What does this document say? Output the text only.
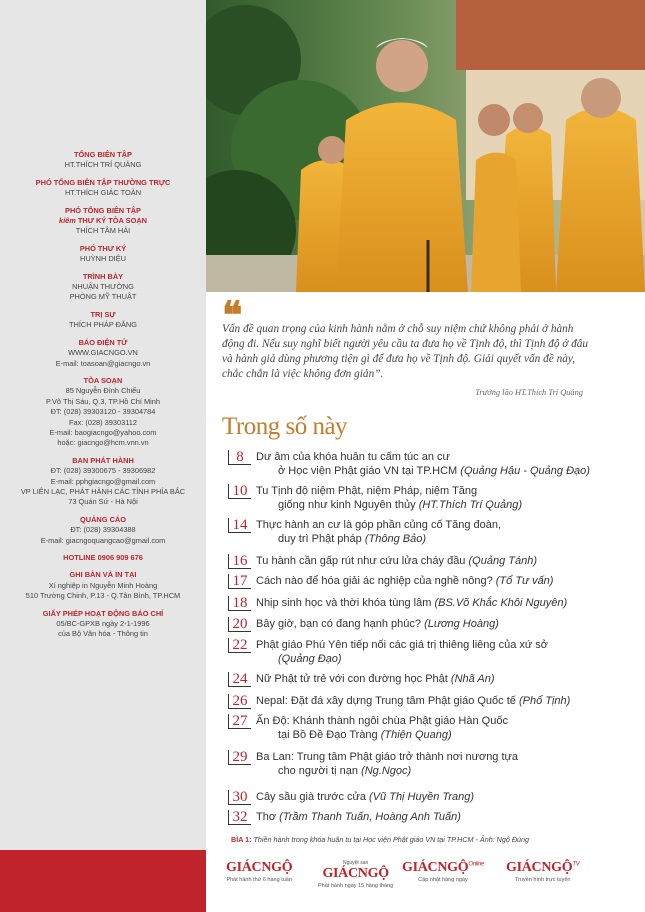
TỔNG BIÊN TẬP
HT.THÍCH TRÍ QUẢNG
PHÓ TỔNG BIÊN TẬP THƯỜNG TRỰC
HT.THÍCH GIÁC TOÀN
PHÓ TỔNG BIÊN TẬP
kiêm THƯ KÝ TÒA SOẠN
THÍCH TÂM HẢI
PHÓ THƯ KÝ
HUỲNH DIỆU
TRÌNH BÀY
NHUẬN THƯỜNG
PHÒNG MỸ THUẬT
TRỊ SỰ
THÍCH PHÁP ĐĂNG
BÁO ĐIỆN TỬ
WWW.GIACNGO.VN
E-mail: toasoan@giacngo.vn
TÒA SOẠN
85 Nguyễn Đình Chiểu
P.Võ Thị Sáu, Q.3, TP.Hồ Chí Minh
ĐT: (028) 39303120 - 39304784
Fax: (028) 39303112
E-mail: baogiacngo@yahoo.com
hoặc: giacngo@hcm.vnn.vn
BAN PHÁT HÀNH
ĐT: (028) 39300675 - 39306982
E-mail: pphgiacngo@gmail.com
VP LIÊN LẠC, PHÁT HÀNH CÁC TỈNH PHÍA BẮC
73 Quán Sứ - Hà Nội
QUẢNG CÁO
ĐT: (028) 39304388
E-mail: giacngoquangcao@gmail.com
HOTLINE 0906 909 676
GHI BẢN VÀ IN TẠI
Xí nghiệp in Nguyễn Minh Hoàng
510 Trường Chinh, P.13 - Q.Tân Bình, TP.HCM
GIẤY PHÉP HOẠT ĐỘNG BÁO CHÍ
05/BC-GPXB ngày 2-1-1996
của Bộ Văn hóa - Thông tin
❝
Vấn đề quan trọng của kinh hành nằm ở chỗ suy niệm chứ không phải ở hành động đi. Nếu suy nghĩ biết người yêu cầu ta đưa họ về Tịnh độ, thì Tịnh độ ở đâu và hành giả dùng phương tiện gì để đưa họ về Tịnh độ. Giải quyết vấn đề này, chắc chắn là việc không đơn giản”.
Trưởng lão HT.Thích Trí Quảng
Trong số này
8	Dư âm của khóa huân tu cấm túc an cư
ở Học viện Phật giáo VN tại TP.HCM (Quảng Hậu - Quảng Đạo)
10 Tu Tịnh độ niệm Phật, niệm Pháp, niệm Tăng
giống như kinh Nguyên thủy (HT.Thích Trí Quảng)
14 Thực hành an cư là góp phần củng cố Tăng đoàn,
duy trì Phật pháp (Thông Bảo)
16 Tu hành cần gấp rút như cứu lửa cháy đầu (Quảng Tánh)
17 Cách nào để hóa giải ác nghiệp của nghề nông? (Tổ Tư vấn)
18 Nhịp sinh học và thời khóa tùng lâm (BS.Võ Khắc Khôi Nguyên)
20 Bây giờ, bạn có đang hạnh phúc? (Lương Hoàng)
22 Phật giáo Phú Yên tiếp nối các giá trị thiêng liêng của xứ sở
(Quảng Đạo)
24 Nữ Phật tử trẻ với con đường học Phật (Nhã An)
26 Nepal: Đặt đá xây dựng Trung tâm Phật giáo Quốc tế (Phổ Tịnh)
27 Ấn Độ: Khánh thành ngôi chùa Phật giáo Hàn Quốc
tại Bồ Đề Đạo Tràng (Thiện Quang)
29 Ba Lan: Trung tâm Phật giáo trở thành nơi nương tựa
cho người tị nạn (Ng.Ngọc)
30 Cây sầu già trước cửa (Vũ Thị Huyền Trang)
32 Thơ (Trầm Thanh Tuấn, Hoàng Anh Tuấn)
BÌA 1: Thiền hành trong khóa huân tu tại Học viện Phật giáo VN tại TP.HCM - Ảnh: Ngộ Đúng
GIÁCNGỘ
Phát hành thứ 6 hàng tuần
Nguyệt san
GIÁCNGỘ
Phát hành ngày 15 hàng tháng
GIÁCNGỘ$^{Online}$
Cập nhật hàng ngày
GIÁCNGỘ$^{TV}$
Truyền hình trực tuyến
